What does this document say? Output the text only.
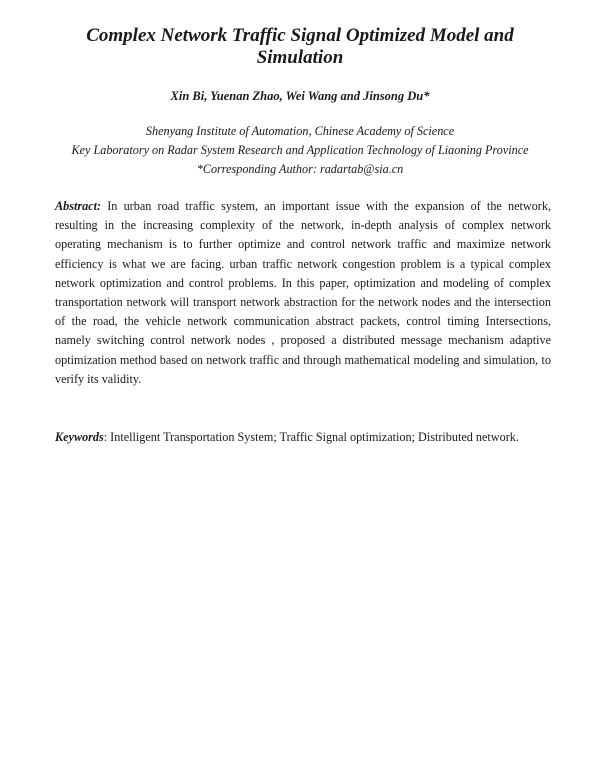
Complex Network Traffic Signal Optimized Model and
Simulation

Xin Bi, Yuenan Zhao, Wei Wang and Jinsong Du*

Shenyang Institute of Automation, Chinese Academy of Science
Key Laboratory on Radar System Research and Application Technology of Liaoning Province
*Corresponding Author: radartab@sia.cn

Abstract: In urban road traffic system, an important issue with the expansion of the network, resulting in the increasing complexity of the network, in-depth analysis of complex network operating mechanism is to further optimize and control network traffic and maximize network efficiency is what we are facing. urban traffic network congestion problem is a typical complex network optimization and control problems. In this paper, optimization and modeling of complex transportation network will transport network abstraction for the network nodes and the intersection of the road, the vehicle network communication abstract packets, control timing Intersections, namely switching control network nodes , proposed a distributed message mechanism adaptive optimization method based on network traffic and through mathematical modeling and simulation, to verify its validity.

Keywords: Intelligent Transportation System; Traffic Signal optimization; Distributed network.
